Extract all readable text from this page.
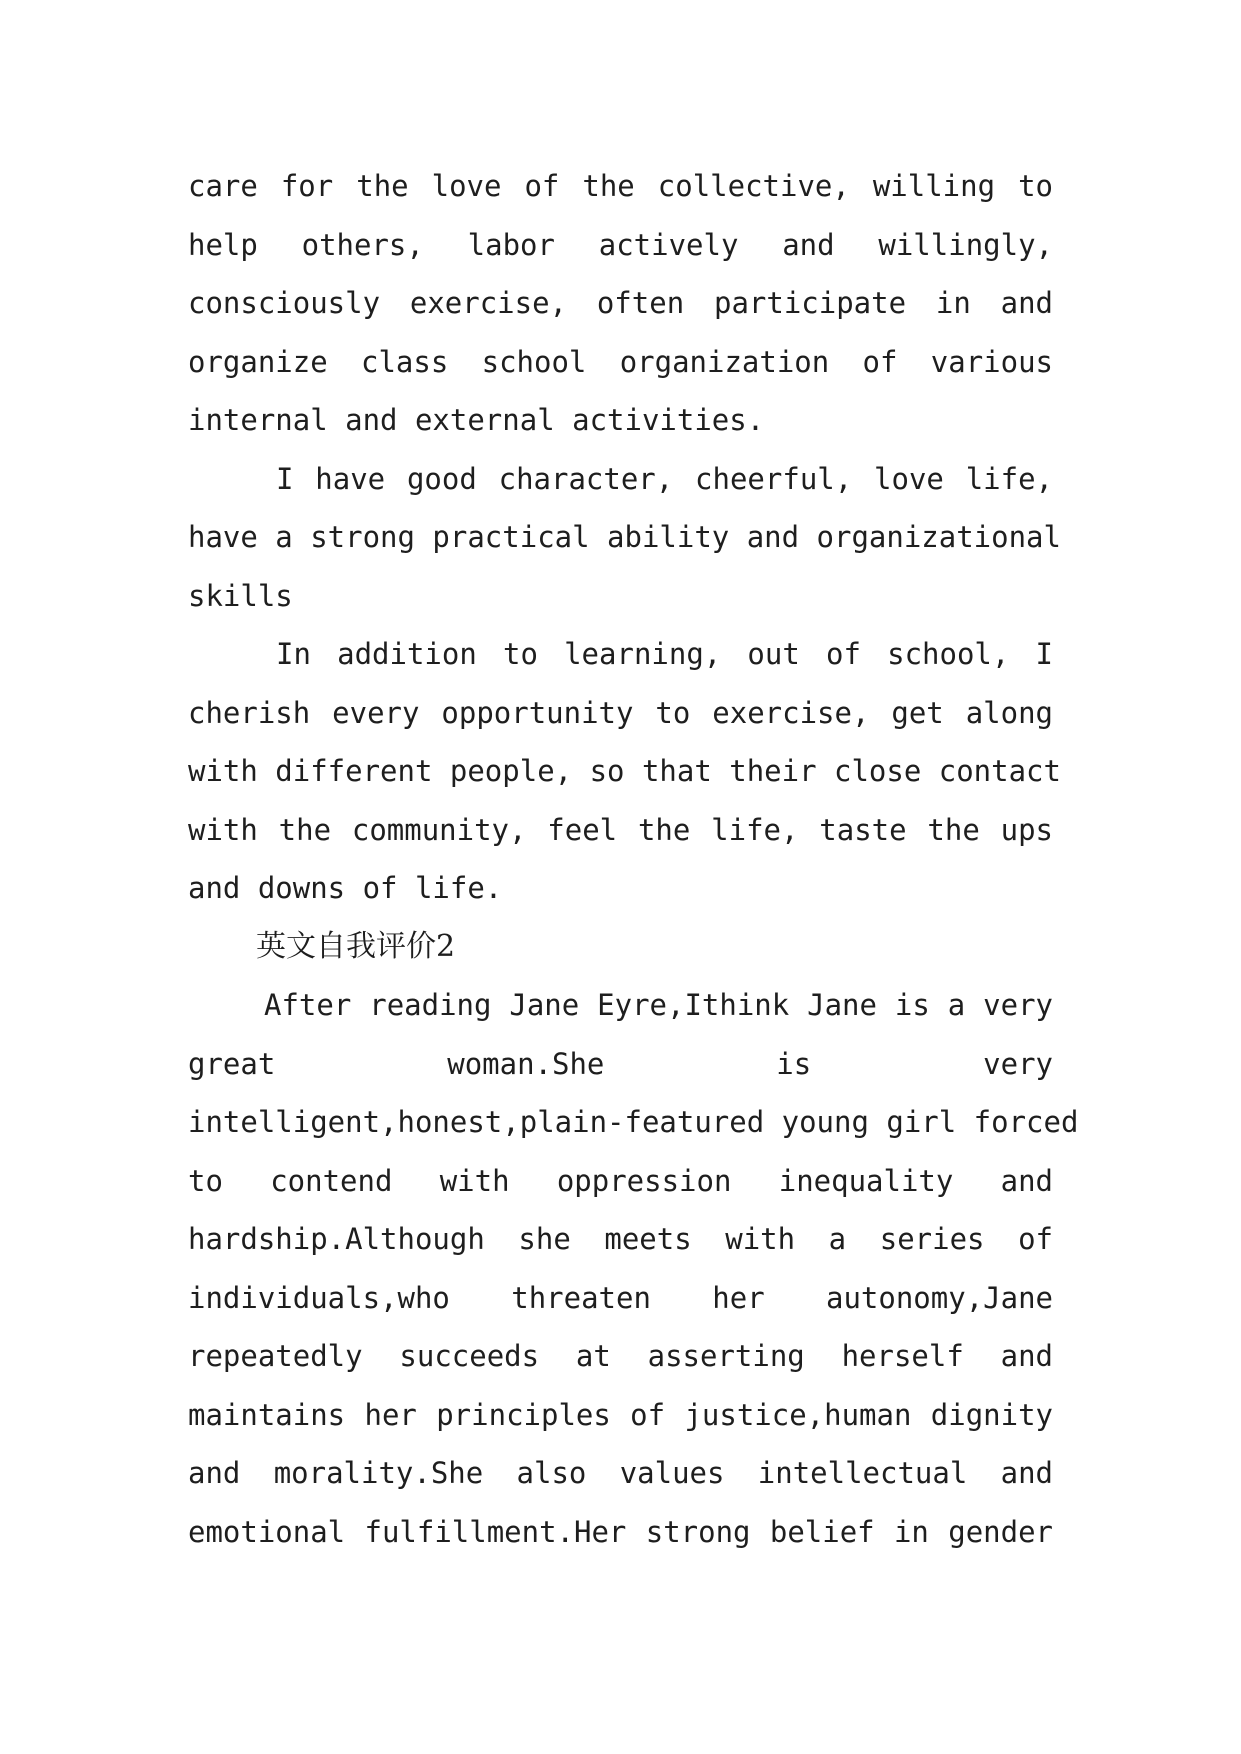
care for the love of the collective, willing to
help others, labor actively and willingly,
consciously exercise, often participate in and
organize class school organization of various
internal and external activities.
I have good character, cheerful, love life,
have a strong practical ability and organizational
skills
In addition to learning, out of school, I
cherish every opportunity to exercise, get along
with different people, so that their close contact
with the community, feel the life, taste the ups
and downs of life.
英文自我评价2
After reading Jane Eyre,Ithink Jane is a very
great woman.She is very
intelligent,honest,plain-featured young girl forced
to contend with oppression inequality and
hardship.Although she meets with a series of
individuals,who threaten her autonomy,Jane
repeatedly succeeds at asserting herself and
maintains her principles of justice,human dignity
and morality.She also values intellectual and
emotional fulfillment.Her strong belief in gender
